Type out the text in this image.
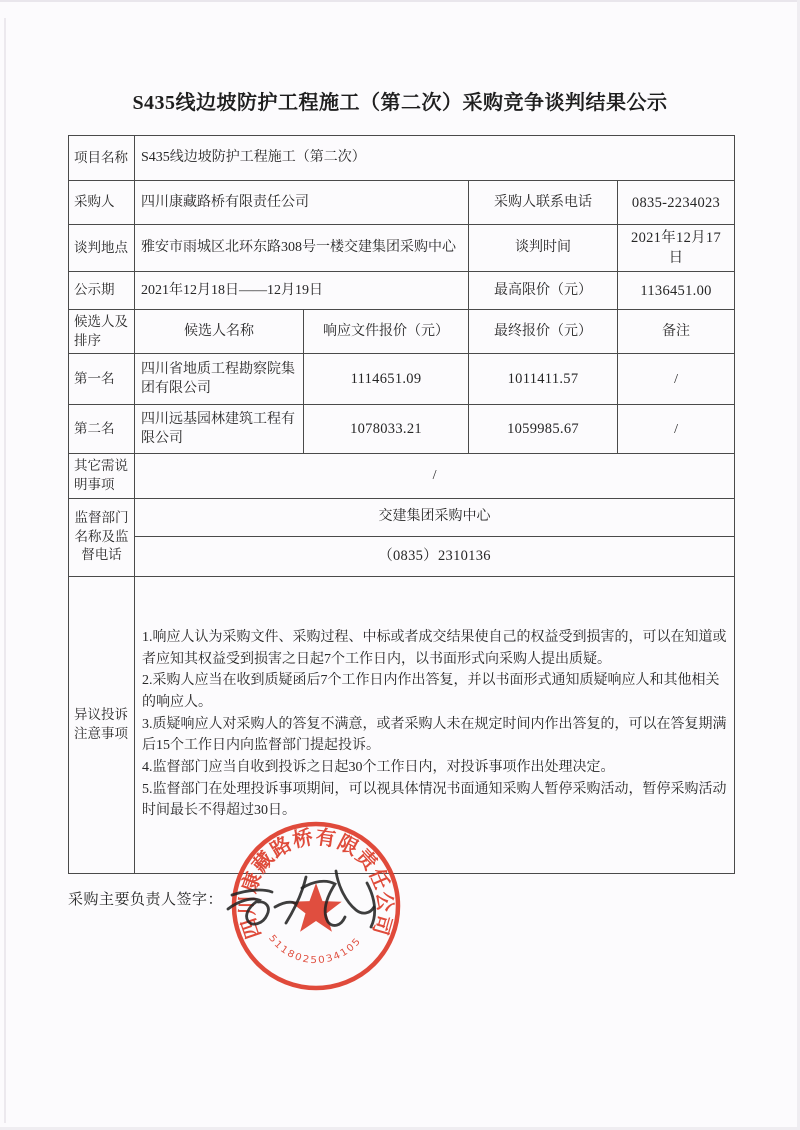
S435线边坡防护工程施工（第二次）采购竞争谈判结果公示
项目名称	S435线边坡防护工程施工（第二次）			
采购人	四川康藏路桥有限责任公司		采购人联系电话	0835-2234023
谈判地点	雅安市雨城区北环东路308号一楼交建集团采购中心		谈判时间	2021年12月17日
公示期	2021年12月18日——12月19日		最高限价（元）	1136451.00
候选人及排序	候选人名称	响应文件报价（元）	最终报价（元）	备注
第一名	四川省地质工程勘察院集团有限公司	1114651.09	1011411.57	/
第二名	四川远基园林建筑工程有限公司	1078033.21	1059985.67	/
其它需说明事项	/			
监督部门名称及监督电话	交建集团采购中心			
	（0835）2310136			
异议投诉注意事项	1.响应人认为采购文件、采购过程、中标或者成交结果使自己的权益受到损害的，可以在知道或者应知其权益受到损害之日起7个工作日内，以书面形式向采购人提出质疑。
2.采购人应当在收到质疑函后7个工作日内作出答复，并以书面形式通知质疑响应人和其他相关的响应人。
3.质疑响应人对采购人的答复不满意，或者采购人未在规定时间内作出答复的，可以在答复期满后15个工作日内向监督部门提起投诉。
4.监督部门应当自收到投诉之日起30个工作日内，对投诉事项作出处理决定。
5.监督部门在处理投诉事项期间，可以视具体情况书面通知采购人暂停采购活动，暂停采购活动时间最长不得超过30日。			
采购主要负责人签字：
四川康藏路桥有限责任公司
5118025034105
